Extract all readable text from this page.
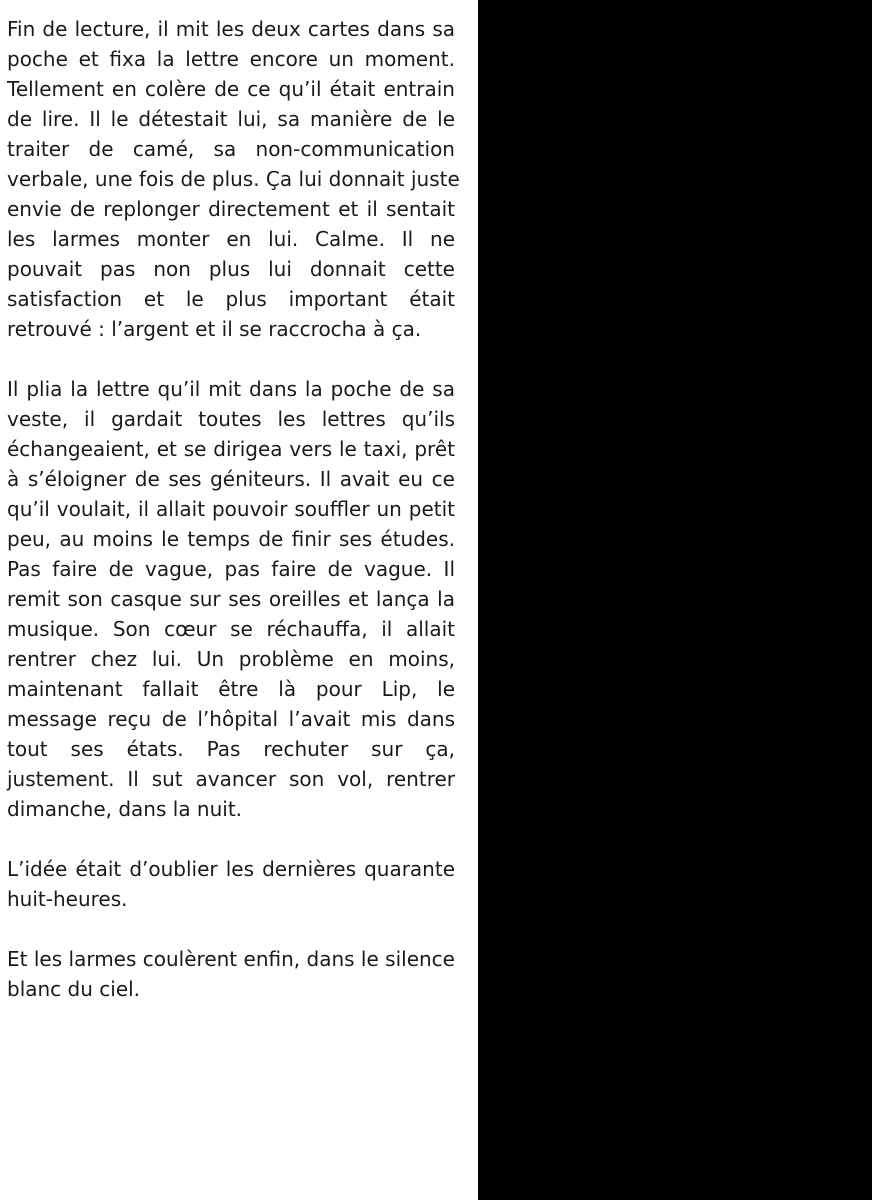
Fin de lecture, il mit les deux cartes dans sa
poche et fixa la lettre encore un moment.
Tellement en colère de ce qu’il était entrain
de lire. Il le détestait lui, sa manière de le
traiter de camé, sa non-communication
verbale, une fois de plus. Ça lui donnait juste
envie de replonger directement et il sentait
les larmes monter en lui. Calme. Il ne
pouvait pas non plus lui donnait cette
satisfaction et le plus important était
retrouvé : l’argent et il se raccrocha à ça.
Il plia la lettre qu’il mit dans la poche de sa
veste, il gardait toutes les lettres qu’ils
échangeaient, et se dirigea vers le taxi, prêt
à s’éloigner de ses géniteurs. Il avait eu ce
qu’il voulait, il allait pouvoir souffler un petit
peu, au moins le temps de finir ses études.
Pas faire de vague, pas faire de vague. Il
remit son casque sur ses oreilles et lança la
musique. Son cœur se réchauffa, il allait
rentrer chez lui. Un problème en moins,
maintenant fallait être là pour Lip, le
message reçu de l’hôpital l’avait mis dans
tout ses états. Pas rechuter sur ça,
justement. Il sut avancer son vol, rentrer
dimanche, dans la nuit.
L’idée était d’oublier les dernières quarante
huit-heures.
Et les larmes coulèrent enfin, dans le silence
blanc du ciel.
